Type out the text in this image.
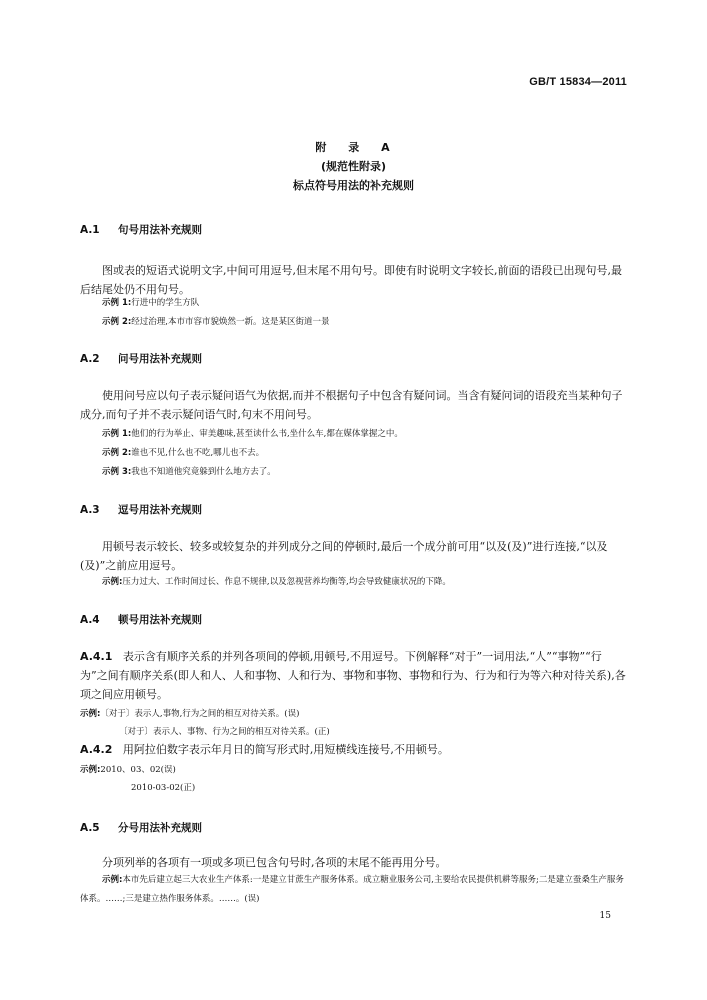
GB/T 15834—2011
附 录 A
(规范性附录)
标点符号用法的补充规则
A.1 句号用法补充规则

图或表的短语式说明文字,中间可用逗号,但末尾不用句号。即使有时说明文字较长,前面的语段已出现句号,最后结尾处仍不用句号。

示例 1:行进中的学生方队
示例 2:经过治理,本市市容市貌焕然一新。这是某区街道一景
A.2 问号用法补充规则

使用问号应以句子表示疑问语气为依据,而并不根据句子中包含有疑问词。当含有疑问词的语段充当某种句子成分,而句子并不表示疑问语气时,句末不用问号。

示例 1:他们的行为举止、审美趣味,甚至读什么书,坐什么车,都在媒体掌握之中。
示例 2:谁也不见,什么也不吃,哪儿也不去。
示例 3:我也不知道他究竟躲到什么地方去了。
A.3 逗号用法补充规则

用顿号表示较长、较多或较复杂的并列成分之间的停顿时,最后一个成分前可用“以及(及)”进行连接,“以及(及)”之前应用逗号。

示例:压力过大、工作时间过长、作息不规律,以及忽视营养均衡等,均会导致健康状况的下降。
A.4 顿号用法补充规则
A.4.1 表示含有顺序关系的并列各项间的停顿,用顿号,不用逗号。下例解释“对于”一词用法,“人”“事物”“行为”之间有顺序关系(即人和人、人和事物、人和行为、事物和事物、事物和行为、行为和行为等六种对待关系),各项之间应用顿号。
示例:〔对于〕表示人,事物,行为之间的相互对待关系。(误)
〔对于〕表示人、事物、行为之间的相互对待关系。(正)
A.4.2 用阿拉伯数字表示年月日的简写形式时,用短横线连接号,不用顿号。
示例:2010、03、02(误)
2010-03-02(正)
A.5 分号用法补充规则

分项列举的各项有一项或多项已包含句号时,各项的末尾不能再用分号。

示例:本市先后建立起三大农业生产体系:一是建立甘蔗生产服务体系。成立糖业服务公司,主要给农民提供机耕等服务;二是建立蚕桑生产服务体系。……;三是建立热作服务体系。……。(误)

15
